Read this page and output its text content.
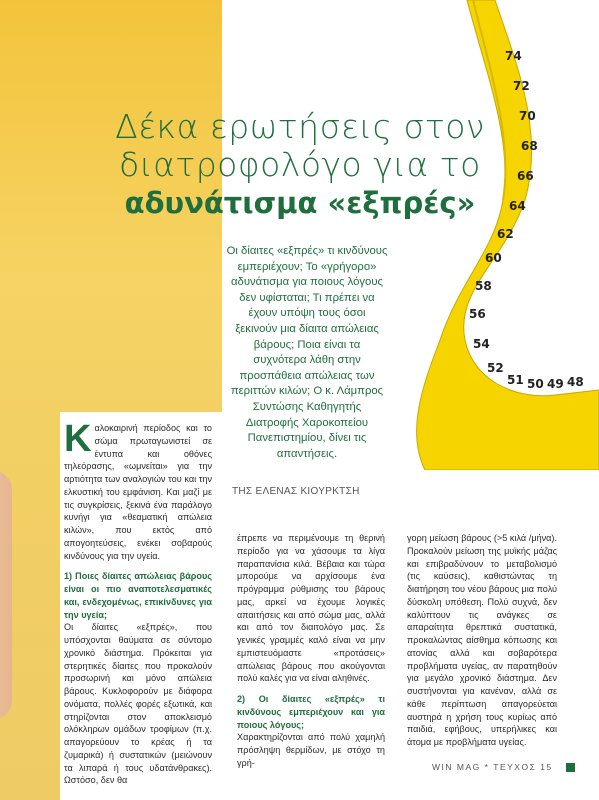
74
72
70
68
66
64
62
60
58
56
54
52
51 50 49 48
Δέκα ερωτήσεις στον
διατροφολόγο για το
αδυνάτισμα «εξπρές»
Οι δίαιτες «εξπρές» τι κινδύνους εμπεριέχουν; Το «γρήγορο» αδυνάτισμα για ποιους λόγους δεν υφίσταται; Τι πρέπει να έχουν υπόψη τους όσοι ξεκινούν μια δίαιτα απώλειας βάρους; Ποια είναι τα συχνότερα λάθη στην προσπάθεια απώλειας των περιττών κιλών; Ο κ. Λάμπρος Συντώσης Καθηγητής Διατροφής Χαροκοπείου Πανεπιστημίου, δίνει τις απαντήσεις.
ΤΗΣ ΕΛΕΝΑΣ ΚΙΟΥΡΚΤΣΗ

Καλοκαιρινή περίοδος και το σώμα πρωταγωνιστεί σε έντυπα και οθόνες τηλεόρασης, «ωμνείται» για την αρτιότητα των αναλογιών του και την ελκυστική του εμφάνιση. Και μαζί με τις συγκρίσεις, ξεκινά ένα παράλογο κυνήγι για «θεαματική απώλεια κιλών», που εκτός από απογοητεύσεις, ενέκει σοβαρούς κινδύνους για την υγεία.

1) Ποιες δίαιτες απώλειας βάρους είναι οι πιο αναποτελεσματικές και, ενδεχομένως, επικίνδυνες για την υγεία;

Οι δίαιτες «εξπρές», που υπόσχονται θαύματα σε σύντομο χρονικό διάστημα. Πρόκειται για στερητικές δίαιτες που προκαλούν προσωρινή και μόνο απώλεια βάρους. Κυκλοφορούν με διάφορα ονόματα, πολλές φορές εξωτικά, και στηρίζονται στον αποκλεισμό ολόκληρων ομάδων τροφίμων (π.χ. απαγορεύουν το κρέας ή τα ζυμαρικά) ή συστατικών (μειώνουν τα λιπαρά ή τους υδατάνθρακες). Ωστόσο, δεν θα

έπρεπε να περιμένουμε τη θερινή περίοδο για να χάσουμε τα λίγα παραπανίσια κιλά. Βέβαια και τώρα μπορούμε να αρχίσουμε ένα πρόγραμμα ρύθμισης του βάρους μας, αρκεί να έχουμε λογικές απαιτήσεις και από σώμα μας, αλλά και από τον διαιτολόγο μας. Σε γενικές γραμμές καλό είναι να μην εμπιστευόμαστε «προτάσεις» απώλειας βάρους που ακούγονται πολύ καλές για να είναι αληθινές.

2) Οι δίαιτες «εξπρές» τι κινδύνους εμπεριέχουν και για ποιους λόγους;

Χαρακτηρίζονται από πολύ χαμηλή πρόσληψη θερμίδων, με στόχο τη γρή-

γορη μείωση βάρους (>5 κιλά /μήνα). Προκαλούν μείωση της μυϊκής μάζας και επιβραδύνουν το μεταβολισμό (τις καύσεις), καθιστώντας τη διατήρηση του νέου βάρους μια πολύ δύσκολη υπόθεση. Πολύ συχνά, δεν καλύπτουν τις ανάγκες σε απαραίτητα θρεπτικά συστατικά, προκαλώντας αίσθημα κόπωσης και ατονίας αλλά και σοβαρότερα προβλήματα υγείας, αν παρατηθούν για μεγάλο χρονικό διάστημα. Δεν συστήνονται για κανέναν, αλλά σε κάθε περίπτωση απαγορεύεται αυστηρά η χρήση τους κυρίως από παιδιά, εφήβους, υπερήλικες και άτομα με προβλήματα υγείας.

WIN MAG * ΤΕΥΧΟΣ 15
